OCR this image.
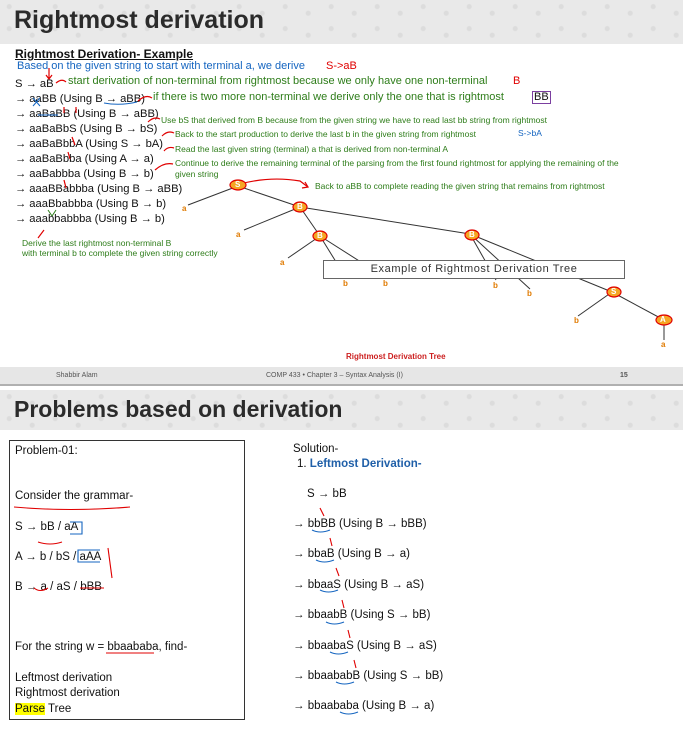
Rightmost derivation
Rightmost Derivation- Example
Based on the given string to start with terminal a, we derive S->aB
S → aB
→ aaBB (Using B → aBB)
→ aaBaBB (Using B → aBB)
→ aaBaBbS (Using B → bS)
→ aaBaBbbA (Using S → bA)
→ aaBaBbba (Using A → a)
→ aaBabbba (Using B → b)
→ aaaBBabbba (Using B → aBB)
→ aaaBbabbba (Using B → b)
→ aaabbabbba (Using B → b)
start derivation of non-terminal from rightmost because we only have one non-terminal B
if there is two more non-terminal we derive only the one that is rightmost	BB
Use bS that derived from B because from the given string we have to read last bb string from rightmost
Back to the start production to derive the last b in the given string from rightmost	S->bA
Read the last given string (terminal) a that is derived from non-terminal A
Continue to derive the remaining terminal of the parsing from the first found rightmost for applying the remaining of the
given string
Back to aBB to complete reading the given string that remains from rightmost
Derive the last rightmost non-terminal B
with terminal b to complete the given string correctly
S
B
B	B
S
A
a
a
a
b	b	b
b
b
a
Example of Rightmost Derivation Tree
Rightmost Derivation Tree
Shabbir Alam	COMP 433 • Chapter 3 – Syntax Analysis (I)	15
Problems based on derivation
Problem-01:
Consider the grammar-
S → bB / aA
A → b / bS / aAA
B → a / aS / bBB
For the string w = bbaababa, find-
Leftmost derivation
Rightmost derivation
Parse Tree
Solution-
1. Leftmost Derivation-
S → bB
→ bbBB (Using B → bBB)
→ bbaB (Using B → a)
→ bbaaS (Using B → aS)
→ bbaabB (Using S → bB)
→ bbaabaS (Using B → aS)
→ bbaababB (Using S → bB)
→ bbaababa (Using B → a)
